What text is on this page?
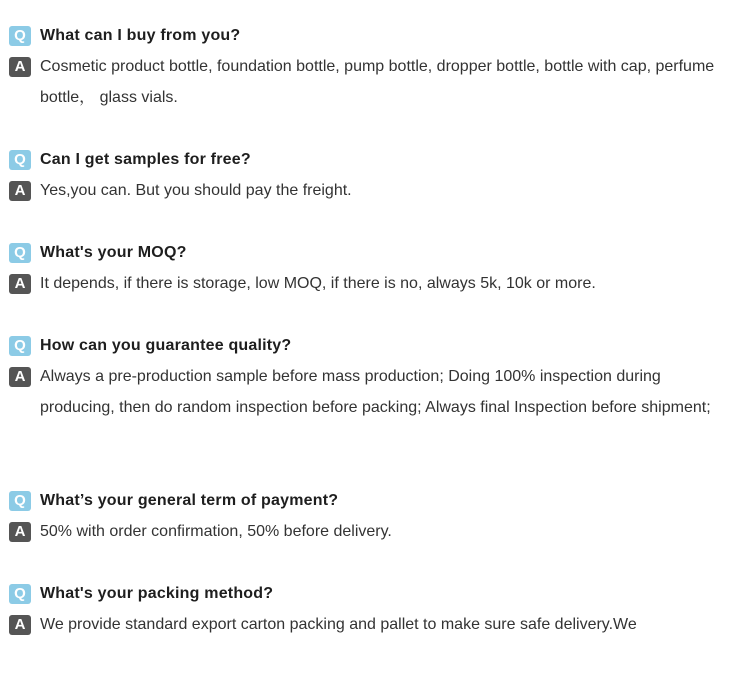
Q What can I buy from you?
A Cosmetic product bottle, foundation bottle, pump bottle, dropper bottle, bottle with cap, perfume bottle， glass vials.
Q Can I get samples for free?
A Yes,you can. But you should pay the freight.
Q What's your MOQ?
A It depends, if there is storage, low MOQ, if there is no, always 5k, 10k or more.
Q How can you guarantee quality?
A Always a pre-production sample before mass production; Doing 100% inspection during producing, then do random inspection before packing; Always final Inspection before shipment;
Q What’s your general term of payment?
A 50% with order confirmation, 50% before delivery.
Q What's your packing method?
A We provide standard export carton packing and pallet to make sure safe delivery.We
